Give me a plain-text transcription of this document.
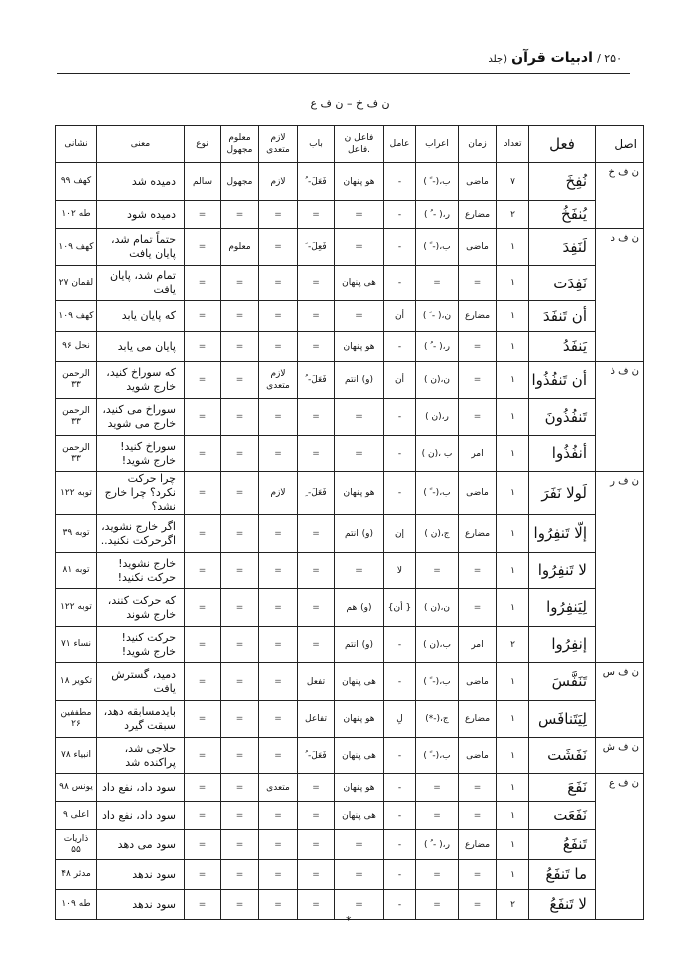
۲۵۰ / ادبیات قرآن (جلد
ن ف خ – ن ف ع
اصل	فعل	تعداد	زمان	اعراب	عامل	فاعل ن .فاعل	باب	لازم متعدی	معلوم مجهول	نوع	معنی	نشانی
ن ف خ	نُفِخَ	۷	ماضی	ب،(- ً )	-	هو پنهان	فَعَلَ- ُ	لازم	مجهول	سالم	دمیده شد	کهف ۹۹
	يُنفَخُ	۲	مضارع	ر،( - ُ )	-	=	=	=	=	=	دمیده شود	طه ۱۰۲
ن ف د	لَنَفِدَ	۱	ماضی	ب،(- ً )	-	=	فَعِلَ- َ	=	معلوم	=	حتماً تمام شد، پایان یافت	کهف ۱۰۹
	نَفِدَت	۱	=	=	-	هی پنهان	=	=	=	=	تمام شد، پایان یافت	لقمان ۲۷
	أن تَنفَدَ	۱	مضارع	ن،( - َ )	أن	=	=	=	=	=	که پایان یابد	کهف ۱۰۹
	يَنفَدُ	۱	=	ر،( - ُ )	-	هو پنهان	=	=	=	=	پایان می یابد	نحل ۹۶
ن ف ذ	أن تَنفُذُوا	۱	=	ن،(ن )	أن	(و) انتم	فَعَلَ- ُ	لازم متعدی	=	=	که سوراخ کنید، خارج شوید	الرحمن ۳۳
	تَنفُذُونَ	۱	=	ر،(ن )	-	=	=	=	=	=	سوراخ می کنید، خارج می شوید	الرحمن ۳۳
	أنفُذُوا	۱	امر	ب ،(ن )	-	=	=	=	=	=	سوراخ کنید! خارج شوید!	الرحمن ۳۳
ن ف ر	لَولا نَفَرَ	۱	ماضی	ب،(- ً )	-	هو پنهان	فَعَلَ- ِ	لازم	=	=	چرا حرکت نکرد؟ چرا خارج نشد؟	توبه ۱۲۲
	إلّا تَنفِرُوا	۱	مضارع	ج،(ن )	إن	(و) انتم	=	=	=	=	اگر خارج نشوید، اگرحرکت نکنید..	توبه ۳۹
	لا تَنفِرُوا	۱	=	=	لا	=	=	=	=	=	خارج نشوید! حرکت نکنید!	توبه ۸۱
	لِيَنفِرُوا	۱	=	ن،(ن )	{ أن}	(و) هم	=	=	=	=	که حرکت کنند، خارج شوند	توبه ۱۲۲
	إنفِرُوا	۲	امر	ب،(ن )	-	(و) انتم	=	=	=	=	حرکت کنید! خارج شوید!	نساء ۷۱
ن ف س	تَنَفَّسَ	۱	ماضی	ب،(- ً )	-	هی پنهان	تفعل	=	=	=	دمید، گسترش یافت	تکویر ۱۸
	لِيَتَنافَس	۱	مضارع	ج،(-*)	لِ	هو پنهان	تفاعل	=	=	=	بایدمسابقه دهد، سبقت گیرد	مطففین ۲۶
ن ف ش	نَفَشَت	۱	ماضی	ب،(- ً )	-	هی پنهان	فَعَلَ- ُ	=	=	=	حلاجی شد، پراکنده شد	انبیاء ۷۸
ن ف ع	نَفَعَ	۱	=	=	-	هو پنهان	=	متعدی	=	=	سود داد، نفع داد	یونس ۹۸
	نَفَعَت	۱	=	=	-	هی پنهان	=	=	=	=	سود داد، نفع داد	اعلی ۹
	تَنفَعُ	۱	مضارع	ر،( - ُ )	-	=	=	=	=	=	سود می دهد	ذاریات ۵۵
	ما تَنفَعُ	۱	=	=	-	=	=	=	=	=	سود ندهد	مدثر ۴۸
	لا تَنفَعُ	۲	=	=	-	=	=	=	=	=	سود ندهد	طه ۱۰۹
*
